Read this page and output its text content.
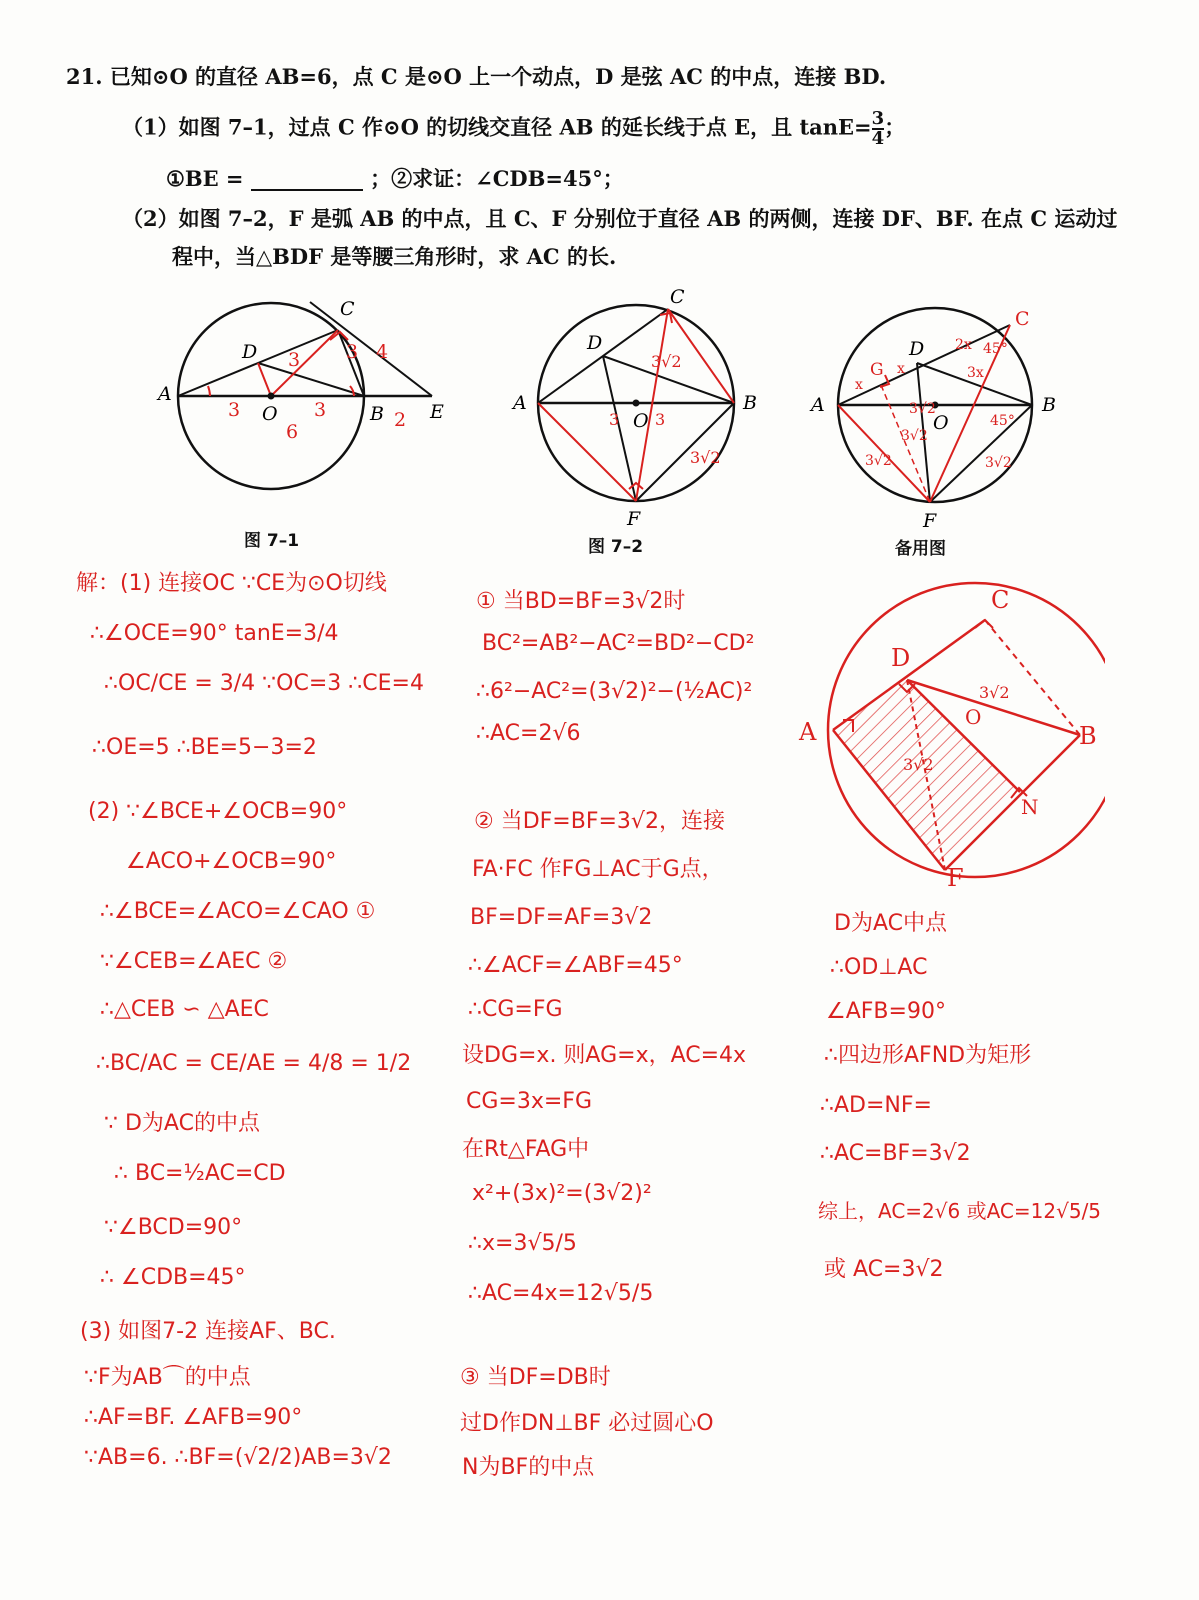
21. 已知⊙O 的直径 AB=6，点 C 是⊙O 上一个动点，D 是弦 AC 的中点，连接 BD.
（1）如图 7–1，过点 C 作⊙O 的切线交直径 AB 的延长线于点 E，且 $\tan E= \frac{3}{4}$ ；
①BE =	；②求证：∠CDB=45°；
（2）如图 7–2，F 是弧 AB 的中点，且 C、F 分别位于直径 AB 的两侧，连接 DF、BF. 在点 C 运动过
程中，当△BDF 是等腰三角形时，求 AC 的长.
A
D
C
O	B E
3	3
6
3 3 4
2
图 7–1
A
D
C
O
B
F
3√2
3 3
3√2
图 7–2
A
G
D
C
O
B
F
x
x
2x 45°
3x
45°
3√2
3√2
3√2
3√2
备用图
A
D
C
O
B
N
F
3√2
3√2
解：(1) 连接OC ∵CE为⊙O切线
∴∠OCE=90° tanE=3/4
∴OC/CE = 3/4 ∵OC=3 ∴CE=4
∴OE=5 ∴BE=5−3=2
(2) ∵∠BCE+∠OCB=90°
∠ACO+∠OCB=90°
∴∠BCE=∠ACO=∠CAO ①
∵∠CEB=∠AEC ②
∴△CEB ∽ △AEC
∴BC/AC = CE/AE = 4/8 = 1/2
∵ D为AC的中点
∴ BC=½AC=CD
∵∠BCD=90°
∴ ∠CDB=45°
(3) 如图7-2 连接AF、BC.
∵F为AB⌒的中点
∴AF=BF. ∠AFB=90°
∵AB=6. ∴BF=(√2/2)AB=3√2
① 当BD=BF=3√2时
BC²=AB²−AC²=BD²−CD²
∴6²−AC²=(3√2)²−(½AC)²
∴AC=2√6
② 当DF=BF=3√2，连接
FA·FC 作FG⊥AC于G点，
BF=DF=AF=3√2
∴∠ACF=∠ABF=45°
∴CG=FG
设DG=x. 则AG=x，AC=4x
CG=3x=FG
在Rt△FAG中
x²+(3x)²=(3√2)²
∴x=3√5/5
∴AC=4x=12√5/5
③ 当DF=DB时
过D作DN⊥BF 必过圆心O
N为BF的中点
D为AC中点
∴OD⊥AC
∠AFB=90°
∴四边形AFND为矩形
∴AD=NF=
∴AC=BF=3√2
综上，AC=2√6 或AC=12√5/5
或 AC=3√2
